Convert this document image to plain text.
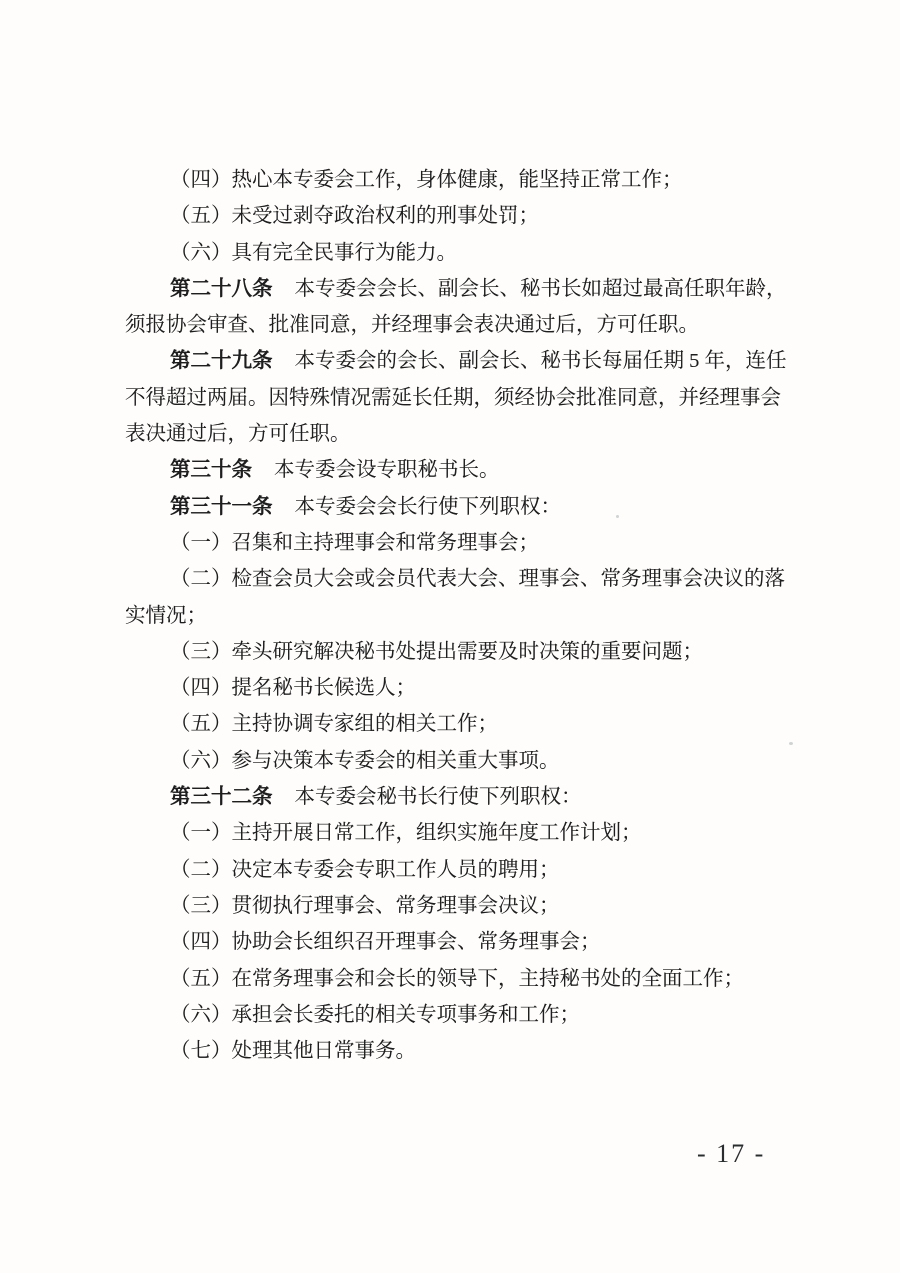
（四）热心本专委会工作，身体健康，能坚持正常工作；
（五）未受过剥夺政治权利的刑事处罚；
（六）具有完全民事行为能力。
第二十八条 本专委会会长、副会长、秘书长如超过最高任职年龄，
须报协会审查、批准同意，并经理事会表决通过后，方可任职。
第二十九条 本专委会的会长、副会长、秘书长每届任期 5 年，连任
不得超过两届。因特殊情况需延长任期，须经协会批准同意，并经理事会
表决通过后，方可任职。
第三十条 本专委会设专职秘书长。
第三十一条 本专委会会长行使下列职权：
（一）召集和主持理事会和常务理事会；
（二）检查会员大会或会员代表大会、理事会、常务理事会决议的落
实情况；
（三）牵头研究解决秘书处提出需要及时决策的重要问题；
（四）提名秘书长候选人；
（五）主持协调专家组的相关工作；
（六）参与决策本专委会的相关重大事项。
第三十二条 本专委会秘书长行使下列职权：
（一）主持开展日常工作，组织实施年度工作计划；
（二）决定本专委会专职工作人员的聘用；
（三）贯彻执行理事会、常务理事会决议；
（四）协助会长组织召开理事会、常务理事会；
（五）在常务理事会和会长的领导下，主持秘书处的全面工作；
（六）承担会长委托的相关专项事务和工作；
（七）处理其他日常事务。
- 17 -
